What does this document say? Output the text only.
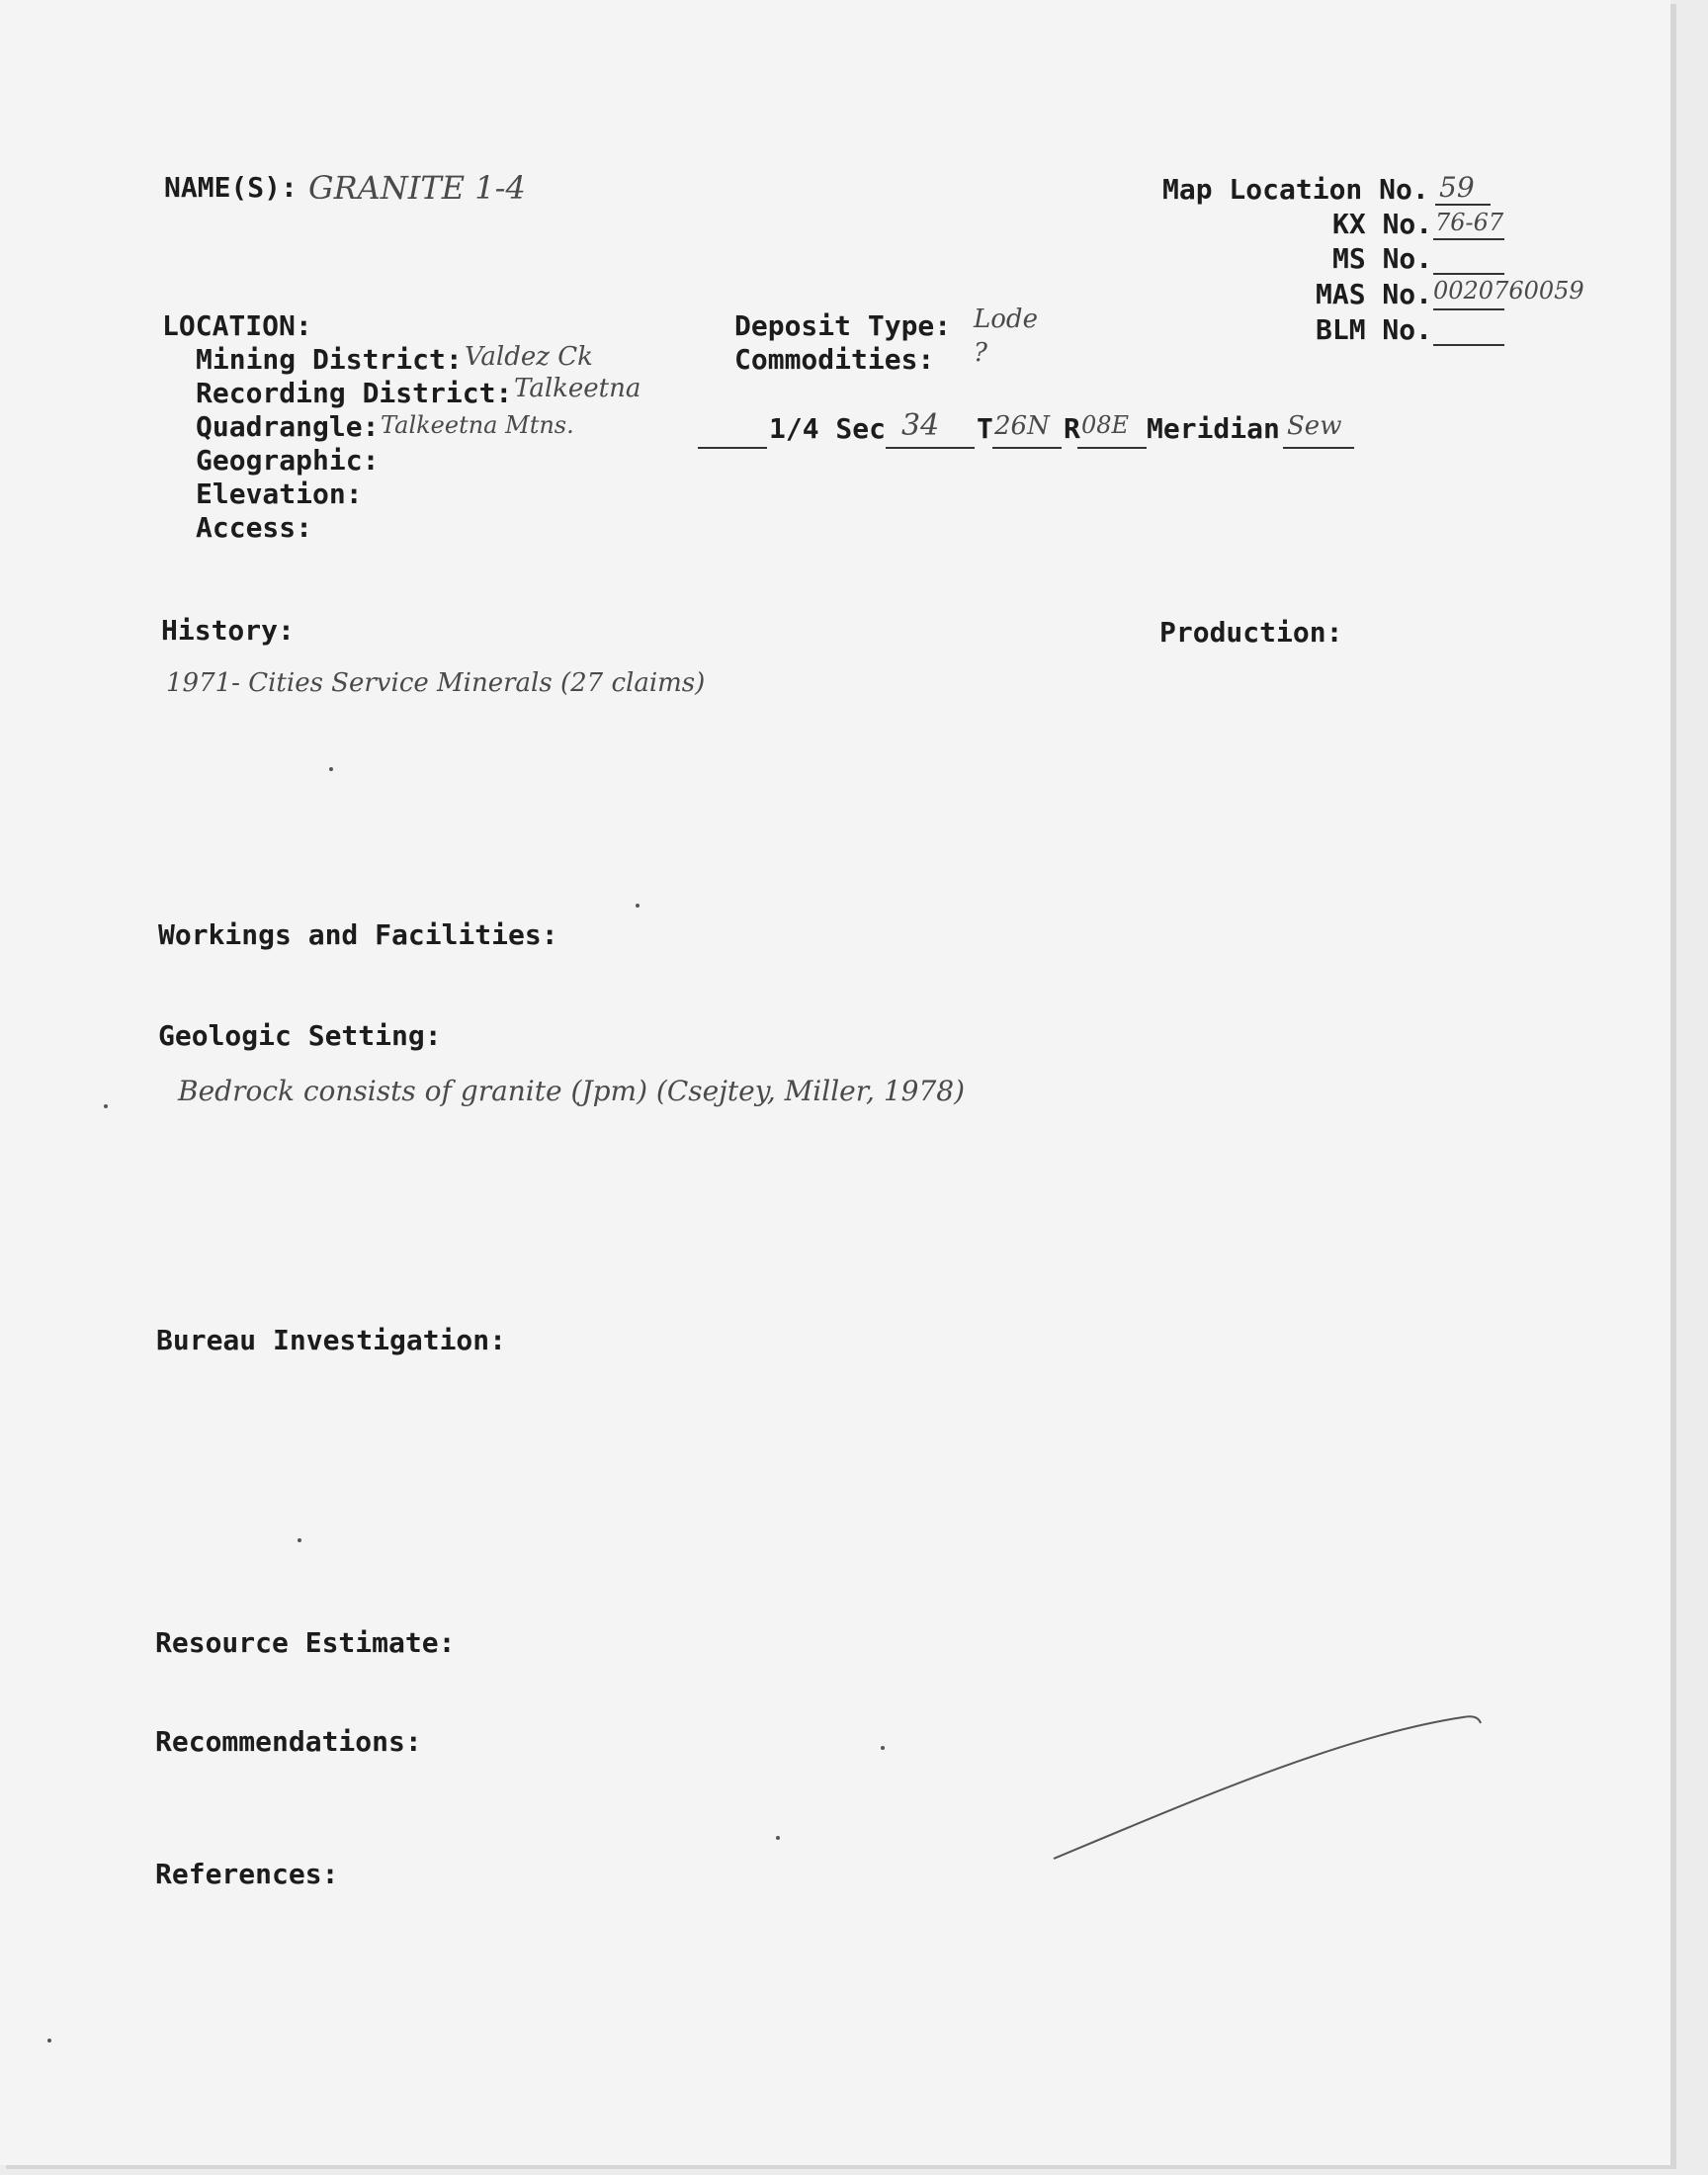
NAME(S): GRANITE 1-4	Map Location No. 59
KX No. 76-67
MS No.
MAS No. 0020760059
BLM No.
LOCATION:
Mining District: Valdez Ck
Recording District: Talkeetna
Quadrangle: Talkeetna Mtns.
Geographic:
Elevation:
Access:
Deposit Type: Lode
Commodities: ?
1/4 Sec 34 T 26N R 08E Meridian Sew
History:
1971- Cities Service Minerals (27 claims)
Production:
Workings and Facilities:
Geologic Setting:
Bedrock consists of granite (Jpm) (Csejtey, Miller, 1978)
Bureau Investigation:
Resource Estimate:
Recommendations:
References:
